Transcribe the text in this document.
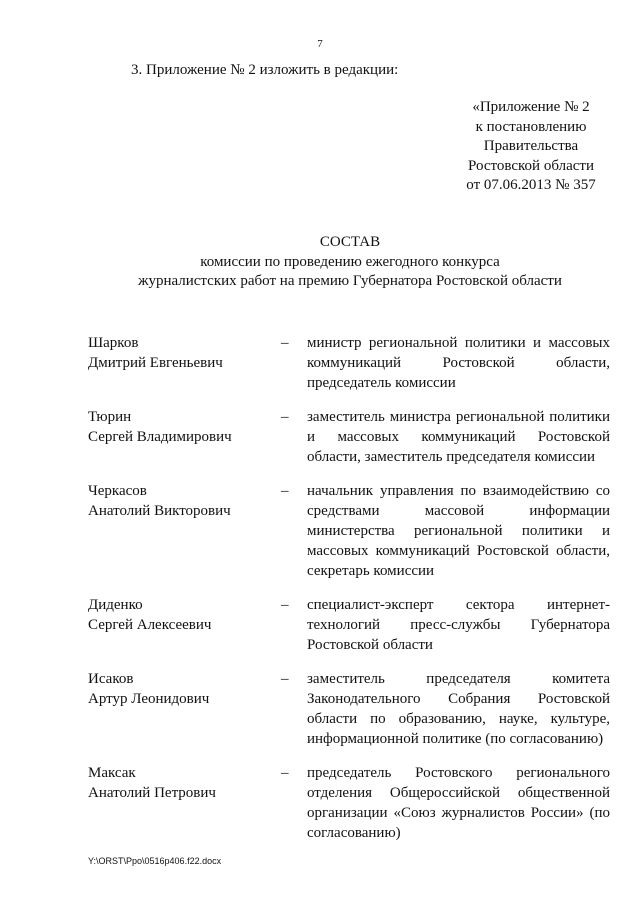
7
3. Приложение № 2 изложить в редакции:
«Приложение № 2
к постановлению
Правительства
Ростовской области
от 07.06.2013 № 357
СОСТАВ
комиссии по проведению ежегодного конкурса
журналистских работ на премию Губернатора Ростовской области
Шарков
Дмитрий Евгеньевич
– министр региональной политики и массовых коммуникаций Ростовской области, председатель комиссии
Тюрин
Сергей Владимирович
– заместитель министра региональной политики и массовых коммуникаций Ростовской области, заместитель председателя комиссии
Черкасов
Анатолий Викторович
– начальник управления по взаимодействию со средствами массовой информации министерства региональной политики и массовых коммуникаций Ростовской области, секретарь комиссии
Диденко
Сергей Алексеевич
– специалист-эксперт сектора интернет-технологий пресс-службы Губернатора Ростовской области
Исаков
Артур Леонидович
– заместитель председателя комитета Законодательного Собрания Ростовской области по образованию, науке, культуре, информационной политике (по согласованию)
Максак
Анатолий Петрович
– председатель Ростовского регионального отделения Общероссийской общественной организации «Союз журналистов России» (по согласованию)
Y:\ORST\Ppo\0516p406.f22.docx
